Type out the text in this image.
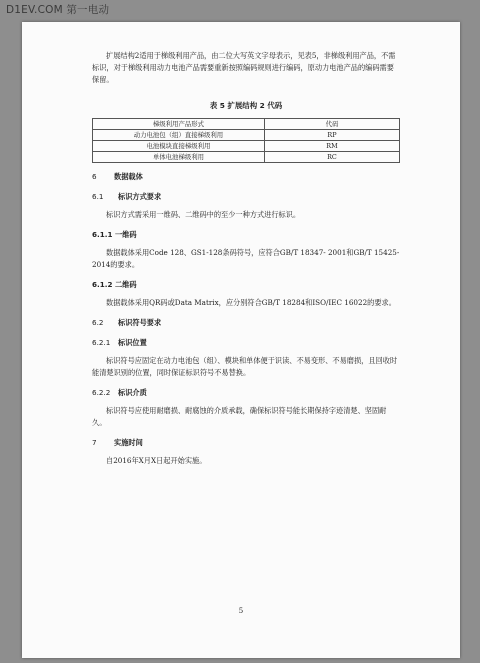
D1EV.COM 第一电动

扩展结构2适用于梯级利用产品，由二位大写英文字母表示，见表5，非梯级利用产品，不需标识，对于梯级利用动力电池产品需要重新按照编码规则进行编码，原动力电池产品的编码需要保留。

表 5 扩展结构 2 代码
梯级利用产品形式	代码
动力电池包（组）直接梯级利用	RP
电池模块直接梯级利用	RM
单体电池梯级利用	RC
6 数据载体
6.1 标识方式要求

标识方式需采用一维码、二维码中的至少一种方式进行标识。

6.1.1 一维码

数据载体采用Code 128、GS1-128条码符号，应符合GB/T 18347- 2001和GB/T 15425-2014的要求。

6.1.2 二维码

数据载体采用QR码或Data Matrix，应分别符合GB/T 18284和ISO/IEC 16022的要求。

6.2 标识符号要求
6.2.1 标识位置

标识符号应固定在动力电池包（组）、模块和单体便于识读、不易变形、不易磨损，且回收时能清楚识别的位置，同时保证标识符号不易替换。

6.2.2 标识介质

标识符号应使用耐磨损、耐腐蚀的介质承载，确保标识符号能长期保持字迹清楚、坚固耐久。

7 实施时间

自2016年X月X日起开始实施。

5
